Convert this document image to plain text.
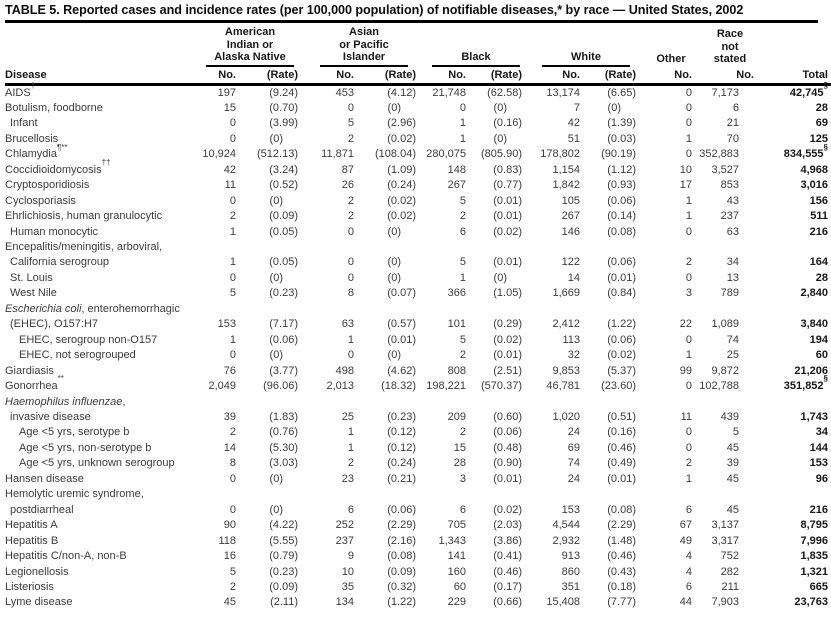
TABLE 5. Reported cases and incidence rates (per 100,000 population) of notifiable diseases,* by race — United States, 2002

	American
Indian or
Alaska Native		Asian
or Pacific
Islander		Black		White		Other	Race
not
stated	

Disease	No.	(Rate)	No.	(Rate)	No.	(Rate)	No.	(Rate)	No.	No.	Total
AIDS†	197	(9.24)	453	(4.12)	21,748	(62.58)	13,174	(6.65)	0	7,173	42,745§
Botulism, foodborne	15	(0.70)	0	(0)	0	(0)	7	(0)	0	6	28
Infant	0	(3.99)	5	(2.96)	1	(0.16)	42	(1.39)	0	21	69
Brucellosis	0	(0)	2	(0.02)	1	(0)	51	(0.03)	1	70	125
Chlamydia¶**	10,924	(512.13)	11,871	(108.04)	280,075	(805.90)	178,802	(90.19)	0	352,883	834,555§
Coccidioidomycosis††	42	(3.24)	87	(1.09)	148	(0.83)	1,154	(1.12)	10	3,527	4,968
Cryptosporidiosis	11	(0.52)	26	(0.24)	267	(0.77)	1,842	(0.93)	17	853	3,016
Cyclosporiasis	0	(0)	2	(0.02)	5	(0.01)	105	(0.06)	1	43	156
Ehrlichiosis, human granulocytic	2	(0.09)	2	(0.02)	2	(0.01)	267	(0.14)	1	237	511
Human monocytic	1	(0.05)	0	(0)	6	(0.02)	146	(0.08)	0	63	216
Encepalitis/meningitis, arboviral,											
California serogroup	1	(0.05)	0	(0)	5	(0.01)	122	(0.06)	2	34	164
St. Louis	0	(0)	0	(0)	1	(0)	14	(0.01)	0	13	28
West Nile	5	(0.23)	8	(0.07)	366	(1.05)	1,669	(0.84)	3	789	2,840
Escherichia coli, enterohemorrhagic											
(EHEC), O157:H7	153	(7.17)	63	(0.57)	101	(0.29)	2,412	(1.22)	22	1,089	3,840
EHEC, serogroup non-O157	1	(0.06)	1	(0.01)	5	(0.02)	113	(0.06)	0	74	194
EHEC, not serogrouped	0	(0)	0	(0)	2	(0.01)	32	(0.02)	1	25	60
Giardiasis	76	(3.77)	498	(4.62)	808	(2.51)	9,853	(5.37)	99	9,872	21,206
Gonorrhea**	2,049	(96.06)	2,013	(18.32)	198,221	(570.37)	46,781	(23.60)	0	102,788	351,852§
Haemophilus influenzae,											
invasive disease	39	(1.83)	25	(0.23)	209	(0.60)	1,020	(0.51)	11	439	1,743
Age <5 yrs, serotype b	2	(0.76)	1	(0.12)	2	(0.06)	24	(0.16)	0	5	34
Age <5 yrs, non-serotype b	14	(5.30)	1	(0.12)	15	(0.48)	69	(0.46)	0	45	144
Age <5 yrs, unknown serogroup	8	(3.03)	2	(0.24)	28	(0.90)	74	(0.49)	2	39	153
Hansen disease	0	(0)	23	(0.21)	3	(0.01)	24	(0.01)	1	45	96
Hemolytic uremic syndrome,											
postdiarrheal	0	(0)	6	(0.06)	6	(0.02)	153	(0.08)	6	45	216
Hepatitis A	90	(4.22)	252	(2.29)	705	(2.03)	4,544	(2.29)	67	3,137	8,795
Hepatitis B	118	(5.55)	237	(2.16)	1,343	(3.86)	2,932	(1.48)	49	3,317	7,996
Hepatitis C/non-A, non-B	16	(0.79)	9	(0.08)	141	(0.41)	913	(0.46)	4	752	1,835
Legionellosis	5	(0.23)	10	(0.09)	160	(0.46)	860	(0.43)	4	282	1,321
Listeriosis	2	(0.09)	35	(0.32)	60	(0.17)	351	(0.18)	6	211	665
Lyme disease	45	(2.11)	134	(1.22)	229	(0.66)	15,408	(7.77)	44	7,903	23,763
